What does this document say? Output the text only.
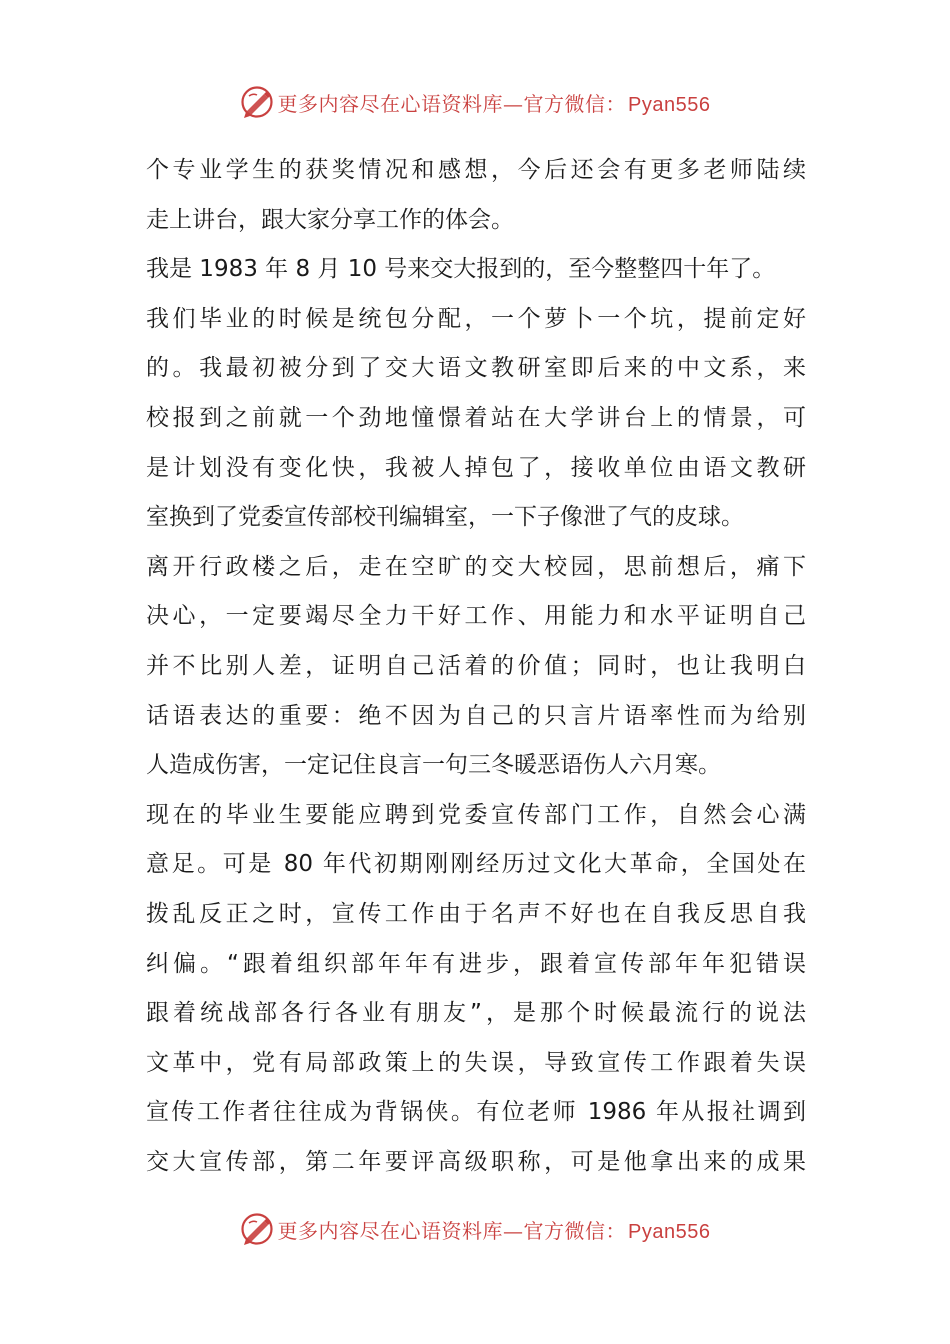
更多内容尽在心语资料库—官方微信： Pyan556
个专业学生的获奖情况和感想，今后还会有更多老师陆续
走上讲台，跟大家分享工作的体会。
我是 1983 年 8 月 10 号来交大报到的，至今整整四十年了。
我们毕业的时候是统包分配，一个萝卜一个坑，提前定好
的。我最初被分到了交大语文教研室即后来的中文系，来
校报到之前就一个劲地憧憬着站在大学讲台上的情景，可
是计划没有变化快，我被人掉包了，接收单位由语文教研
室换到了党委宣传部校刊编辑室，一下子像泄了气的皮球。
离开行政楼之后，走在空旷的交大校园，思前想后，痛下
决心，一定要竭尽全力干好工作、用能力和水平证明自己
并不比别人差，证明自己活着的价值；同时，也让我明白
话语表达的重要：绝不因为自己的只言片语率性而为给别
人造成伤害，一定记住良言一句三冬暖恶语伤人六月寒。
现在的毕业生要能应聘到党委宣传部门工作，自然会心满
意足。可是 80 年代初期刚刚经历过文化大革命，全国处在
拨乱反正之时，宣传工作由于名声不好也在自我反思自我
纠偏。“跟着组织部年年有进步，跟着宣传部年年犯错误
跟着统战部各行各业有朋友”，是那个时候最流行的说法
文革中，党有局部政策上的失误，导致宣传工作跟着失误
宣传工作者往往成为背锅侠。有位老师 1986 年从报社调到
交大宣传部，第二年要评高级职称，可是他拿出来的成果
更多内容尽在心语资料库—官方微信： Pyan556
